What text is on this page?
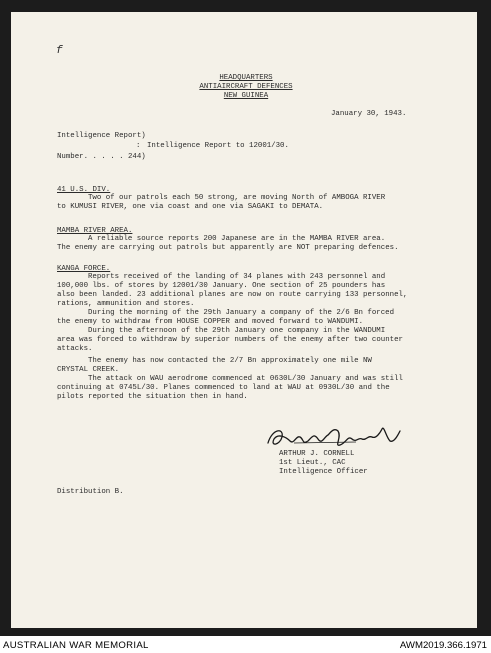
f
HEADQUARTERS
ANTIAIRCRAFT DEFENCES
NEW GUINEA
January 30, 1943.
Intelligence Report)
: Intelligence Report to 12001/30.
Number. . . . . 244)
41 U.S. DIV.
Two of our patrols each 50 strong, are moving North of AMBOGA RIVER
to KUMUSI RIVER, one via coast and one via SAGAKI to DEMATA.
MAMBA RIVER AREA.
A reliable source reports 200 Japanese are in the MAMBA RIVER area.
The enemy are carrying out patrols but apparently are NOT preparing defences.
KANGA FORCE.
Reports received of the landing of 34 planes with 243 personnel and
100,000 lbs. of stores by 12001/30 January. One section of 25 pounders has
also been landed. 23 additional planes are now on route carrying 133 personnel,
rations, ammunition and stores.
During the morning of the 29th January a company of the 2/6 Bn forced
the enemy to withdraw from HOUSE COPPER and moved forward to WANDUMI.
During the afternoon of the 29th January one company in the WANDUMI
area was forced to withdraw by superior numbers of the enemy after two counter
attacks.
The enemy has now contacted the 2/7 Bn approximately one mile NW
CRYSTAL CREEK.
The attack on WAU aerodrome commenced at 0630L/30 January and was still
continuing at 0745L/30. Planes commenced to land at WAU at 0930L/30 and the
pilots reported the situation then in hand.
ARTHUR J. CORNELL
1st Lieut., CAC
Intelligence Officer
Distribution B.
AUSTRALIAN WAR MEMORIAL	AWM2019.366.1971
